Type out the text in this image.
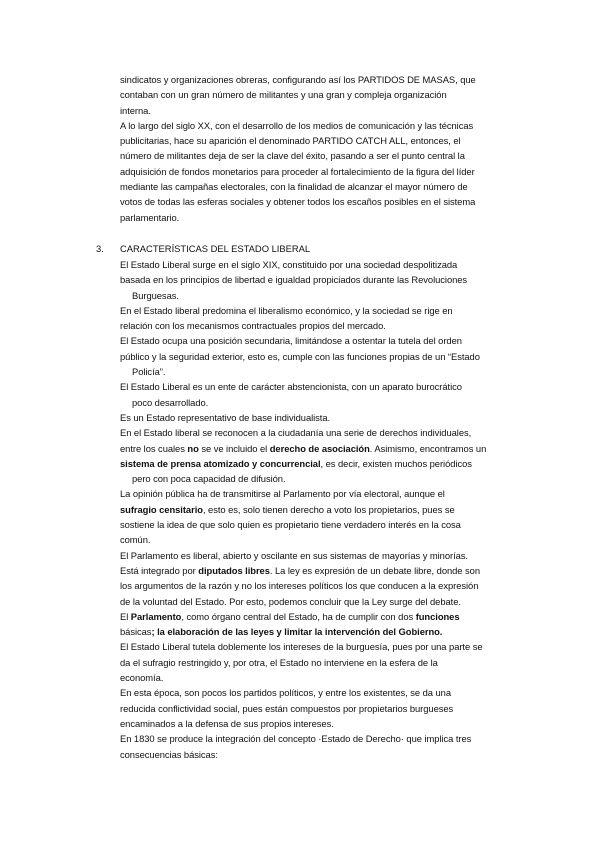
sindicatos y organizaciones obreras, configurando así los PARTIDOS DE MASAS, que

contaban con un gran número de militantes y una gran y compleja organización

interna.

A lo largo del siglo XX, con el desarrollo de los medios de comunicación y las técnicas

publicitarias, hace su aparición el denominado PARTIDO CATCH ALL, entonces, el

número de militantes deja de ser la clave del éxito, pasando a ser el punto central la

adquisición de fondos monetarios para proceder al fortalecimiento de la figura del líder

mediante las campañas electorales, con la finalidad de alcanzar el mayor número de

votos de todas las esferas sociales y obtener todos los escaños posibles en el sistema

parlamentario.

3. CARACTERÍSTICAS DEL ESTADO LIBERAL

El Estado Liberal surge en el siglo XIX, constituido por una sociedad despolitizada

basada en los principios de libertad e igualdad propiciados durante las Revoluciones

Burguesas.

En el Estado liberal predomina el liberalismo económico, y la sociedad se rige en

relación con los mecanismos contractuales propios del mercado.

El Estado ocupa una posición secundaria, limitándose a ostentar la tutela del orden

público y la seguridad exterior, esto es, cumple con las funciones propias de un “Estado

Policía”.

El Estado Liberal es un ente de carácter abstencionista, con un aparato burocrático

poco desarrollado.

Es un Estado representativo de base individualista.

En el Estado liberal se reconocen a la ciudadanía una serie de derechos individuales,

entre los cuales no se ve incluido el derecho de asociación. Asimismo, encontramos un

sistema de prensa atomizado y concurrencial, es decir, existen muchos periódicos

pero con poca capacidad de difusión.

La opinión pública ha de transmitirse al Parlamento por vía electoral, aunque el

sufragio censitario, esto es, solo tienen derecho a voto los propietarios, pues se

sostiene la idea de que solo quien es propietario tiene verdadero interés en la cosa

común.

El Parlamento es liberal, abierto y oscilante en sus sistemas de mayorías y minorías.

Está integrado por diputados libres. La ley es expresión de un debate libre, donde son

los argumentos de la razón y no los intereses políticos los que conducen a la expresión

de la voluntad del Estado. Por esto, podemos concluir que la Ley surge del debate.

El Parlamento, como órgano central del Estado, ha de cumplir con dos funciones

básicas; la elaboración de las leyes y limitar la intervención del Gobierno.

El Estado Liberal tutela doblemente los intereses de la burguesía, pues por una parte se

da el sufragio restringido y, por otra, el Estado no interviene en la esfera de la

economía.

En esta época, son pocos los partidos políticos, y entre los existentes, se da una

reducida conflictividad social, pues están compuestos por propietarios burgueses

encaminados a la defensa de sus propios intereses.

En 1830 se produce la integración del concepto ·Estado de Derecho· que implica tres

consecuencias básicas:
